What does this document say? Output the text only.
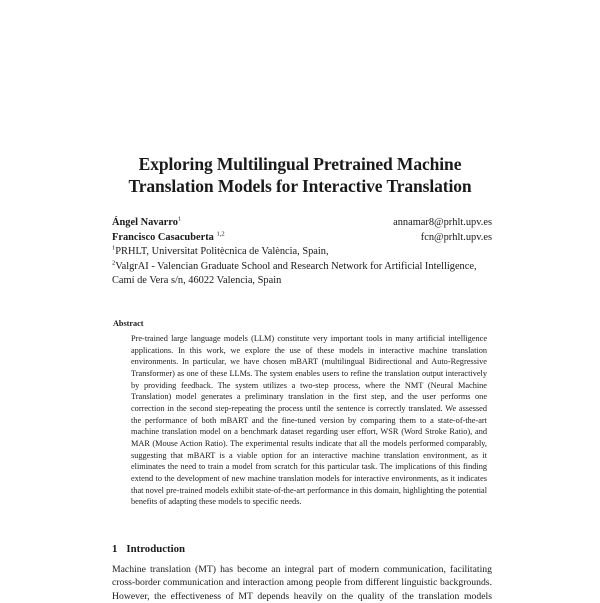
Exploring Multilingual Pretrained Machine
Translation Models for Interactive Translation
Ángel Navarro$^1$	annamar8@prhlt.upv.es
Francisco Casacuberta $^{1,2}$	fcn@prhlt.upv.es
$^1$PRHLT, Universitat Politècnica de València, Spain,
$^2$ValgrAI - Valencian Graduate School and Research Network for Artificial Intelligence,
Camí de Vera s/n, 46022 Valencia, Spain
Abstract
Pre-trained large language models (LLM) constitute very important tools in many artificial intelligence applications. In this work, we explore the use of these models in interactive machine translation environments. In particular, we have chosen mBART (multilingual Bidirectional and Auto-Regressive Transformer) as one of these LLMs. The system enables users to refine the translation output interactively by providing feedback. The system utilizes a two-step process, where the NMT (Neural Machine Translation) model generates a preliminary translation in the first step, and the user performs one correction in the second step-repeating the process until the sentence is correctly translated. We assessed the performance of both mBART and the fine-tuned version by comparing them to a state-of-the-art machine translation model on a benchmark dataset regarding user effort, WSR (Word Stroke Ratio), and MAR (Mouse Action Ratio). The experimental results indicate that all the models performed comparably, suggesting that mBART is a viable option for an interactive machine translation environment, as it eliminates the need to train a model from scratch for this particular task. The implications of this finding extend to the development of new machine translation models for interactive environments, as it indicates that novel pre-trained models exhibit state-of-the-art performance in this domain, highlighting the potential benefits of adapting these models to specific needs.
1 Introduction
Machine translation (MT) has become an integral part of modern communication, facilitating
cross-border communication and interaction among people from different linguistic backgrounds.
However, the effectiveness of MT depends heavily on the quality of the translation models
